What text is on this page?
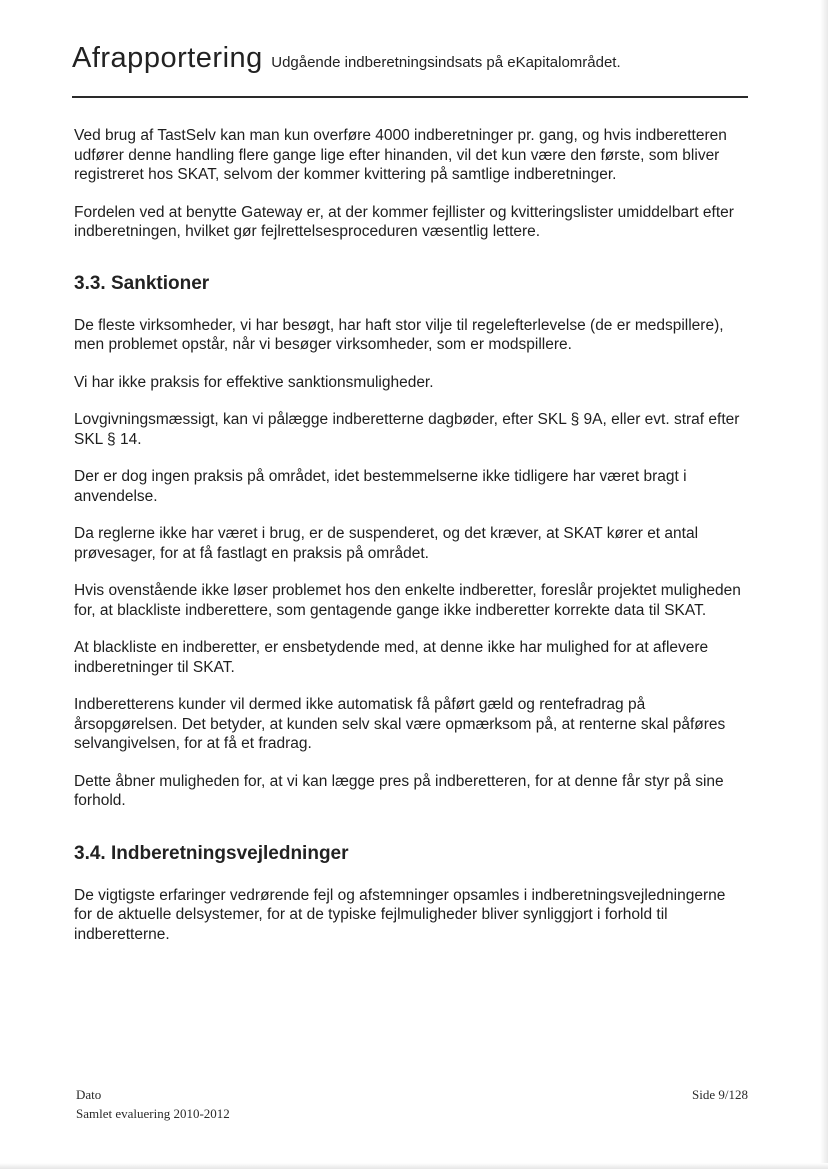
Afrapportering Udgående indberetningsindsats på eKapitalområdet.

Ved brug af TastSelv kan man kun overføre 4000 indberetninger pr. gang, og hvis indberetteren udfører denne handling flere gange lige efter hinanden, vil det kun være den første, som bliver registreret hos SKAT, selvom der kommer kvittering på samtlige indberetninger.

Fordelen ved at benytte Gateway er, at der kommer fejllister og kvitteringslister umiddelbart efter indberetningen, hvilket gør fejlrettelsesproceduren væsentlig lettere.

3.3. Sanktioner

De fleste virksomheder, vi har besøgt, har haft stor vilje til regelefterlevelse (de er medspillere), men problemet opstår, når vi besøger virksomheder, som er modspillere.

Vi har ikke praksis for effektive sanktionsmuligheder.

Lovgivningsmæssigt, kan vi pålægge indberetterne dagbøder, efter SKL § 9A, eller evt. straf efter SKL § 14.

Der er dog ingen praksis på området, idet bestemmelserne ikke tidligere har været bragt i anvendelse.

Da reglerne ikke har været i brug, er de suspenderet, og det kræver, at SKAT kører et antal prøvesager, for at få fastlagt en praksis på området.

Hvis ovenstående ikke løser problemet hos den enkelte indberetter, foreslår projektet muligheden for, at blackliste indberettere, som gentagende gange ikke indberetter korrekte data til SKAT.

At blackliste en indberetter, er ensbetydende med, at denne ikke har mulighed for at aflevere indberetninger til SKAT.

Indberetterens kunder vil dermed ikke automatisk få påført gæld og rentefradrag på årsopgørelsen. Det betyder, at kunden selv skal være opmærksom på, at renterne skal påføres selvangivelsen, for at få et fradrag.

Dette åbner muligheden for, at vi kan lægge pres på indberetteren, for at denne får styr på sine forhold.

3.4. Indberetningsvejledninger

De vigtigste erfaringer vedrørende fejl og afstemninger opsamles i indberetningsvejledningerne for de aktuelle delsystemer, for at de typiske fejlmuligheder bliver synliggjort i forhold til indberetterne.

Dato
Samlet evaluering 2010-2012
Side 9/128
